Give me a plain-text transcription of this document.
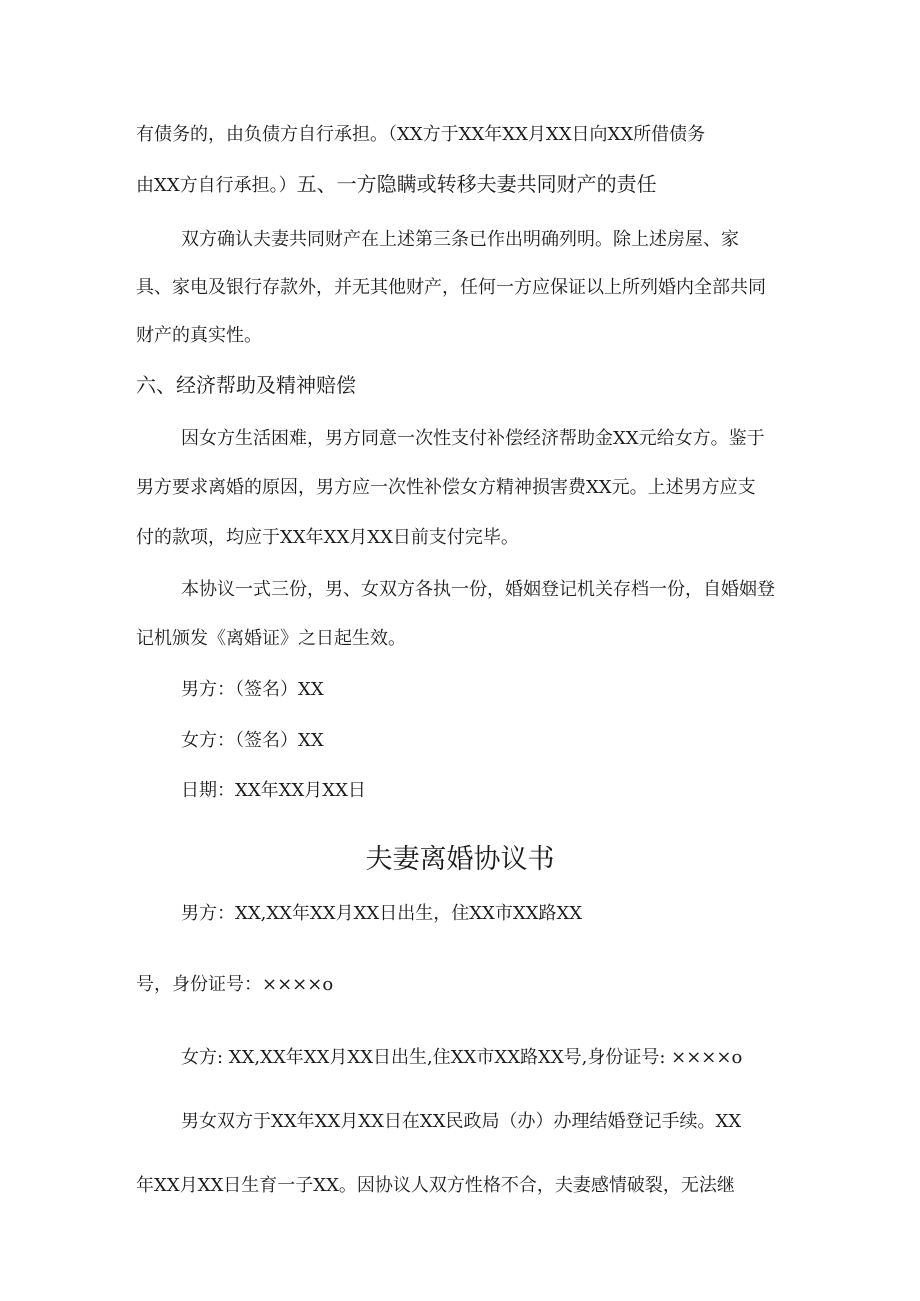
有债务的，由负债方自行承担。（XX方于XX年XX月XX日向XX所借债务
由XX方自行承担。）五、一方隐瞒或转移夫妻共同财产的责任
双方确认夫妻共同财产在上述第三条已作出明确列明。除上述房屋、家
具、家电及银行存款外，并无其他财产，任何一方应保证以上所列婚内全部共同
财产的真实性。
六、经济帮助及精神赔偿
因女方生活困难，男方同意一次性支付补偿经济帮助金XX元给女方。鉴于
男方要求离婚的原因，男方应一次性补偿女方精神损害费XX元。上述男方应支
付的款项，均应于XX年XX月XX日前支付完毕。
本协议一式三份，男、女双方各执一份，婚姻登记机关存档一份，自婚姻登
记机颁发《离婚证》之日起生效。
男方：（签名）XX
女方：（签名）XX
日期：XX年XX月XX日
夫妻离婚协议书
男方：XX,XX年XX月XX日出生，住XX市XX路XX
号，身份证号：××××o
女方: XX,XX年XX月XX日出生,住XX市XX路XX号,身份证号: ××××o
男女双方于XX年XX月XX日在XX民政局（办）办理结婚登记手续。XX
年XX月XX日生育一子XX。因协议人双方性格不合，夫妻感情破裂，无法继
